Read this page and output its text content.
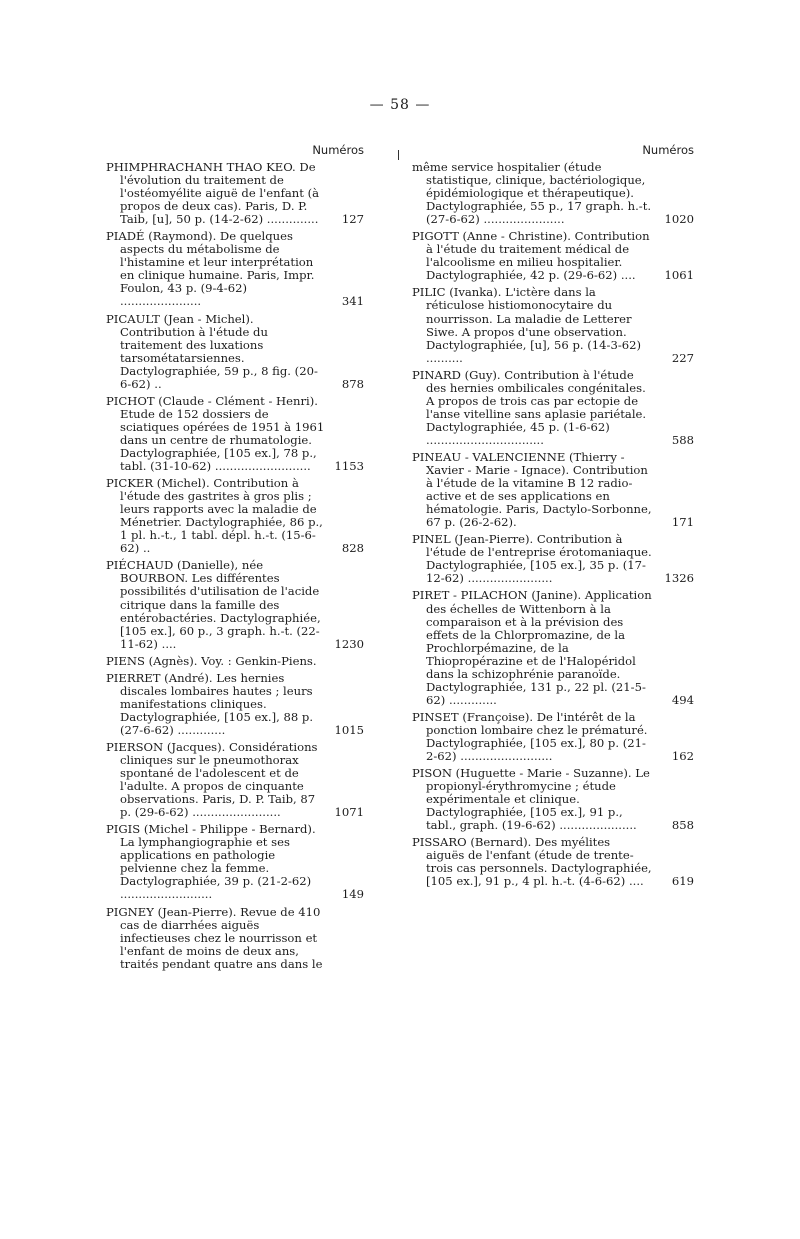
— 58 —
Numéros
PHIMPHRACHANH THAO KEO. De l'évolution du traitement de l'ostéomyélite aiguë de l'enfant (à propos de deux cas). Paris, D. P. Taib, [u], 50 p. (14-2-62) .............. 127
PIADÉ (Raymond). De quelques aspects du métabolisme de l'histamine et leur interprétation en clinique humaine. Paris, Impr. Foulon, 43 p. (9-4-62) ......................	341
PICAULT (Jean - Michel). Contribution à l'étude du traitement des luxations tarsométatarsiennes. Dactylographiée, 59 p., 8 fig. (20-6-62) ..	878
PICHOT (Claude - Clément - Henri). Etude de 152 dossiers de sciatiques opérées de 1951 à 1961 dans un centre de rhumatologie. Dactylographiée, [105 ex.], 78 p., tabl. (31-10-62) .......................... 1153
PICKER (Michel). Contribution à l'étude des gastrites à gros plis ; leurs rapports avec la maladie de Ménetrier. Dactylographiée, 86 p., 1 pl. h.-t., 1 tabl. dépl. h.-t. (15-6-62) ..	828
PIÉCHAUD (Danielle), née BOURBON. Les différentes possibilités d'utilisation de l'acide citrique dans la famille des entérobactéries. Dactylographiée, [105 ex.], 60 p., 3 graph. h.-t. (22-11-62) ....	1230
PIENS (Agnès). Voy. : Genkin-Piens.
PIERRET (André). Les hernies discales lombaires hautes ; leurs manifestations cliniques. Dactylographiée, [105 ex.], 88 p. (27-6-62) .............	1015
PIERSON (Jacques). Considérations cliniques sur le pneumothorax spontané de l'adolescent et de l'adulte. A propos de cinquante observations. Paris, D. P. Taib, 87 p. (29-6-62) ........................	1071
PIGIS (Michel - Philippe - Bernard). La lymphangiographie et ses applications en pathologie pelvienne chez la femme. Dactylographiée, 39 p. (21-2-62) .........................	149
PIGNEY (Jean-Pierre). Revue de 410 cas de diarrhées aiguës infectieuses chez le nourrisson et l'enfant de moins de deux ans, traités pendant quatre ans dans le
Numéros
même service hospitalier (étude statistique, clinique, bactériologique, épidémiologique et thérapeutique). Dactylographiée, 55 p., 17 graph. h.-t. (27-6-62) ......................	1020
PIGOTT (Anne - Christine). Contribution à l'étude du traitement médical de l'alcoolisme en milieu hospitalier. Dactylographiée, 42 p. (29-6-62) .... 1061
PILIC (Ivanka). L'ictère dans la réticulose histiomonocytaire du nourrisson. La maladie de Letterer Siwe. A propos d'une observation. Dactylographiée, [u], 56 p. (14-3-62) ..........	227
PINARD (Guy). Contribution à l'étude des hernies ombilicales congénitales. A propos de trois cas par ectopie de l'anse vitelline sans aplasie pariétale. Dactylographiée, 45 p. (1-6-62) ................................	588
PINEAU - VALENCIENNE (Thierry - Xavier - Marie - Ignace). Contribution à l'étude de la vitamine B 12 radio-active et de ses applications en hématologie. Paris, Dactylo-Sorbonne, 67 p. (26-2-62).	171
PINEL (Jean-Pierre). Contribution à l'étude de l'entreprise érotomaniaque. Dactylographiée, [105 ex.], 35 p. (17-12-62) .......................	1326
PIRET - PILACHON (Janine). Application des échelles de Wittenborn à la comparaison et à la prévision des effets de la Chlorpromazine, de la Prochlorpémazine, de la Thiopropérazine et de l'Halopéridol dans la schizophrénie paranoïde. Dactylographiée, 131 p., 22 pl. (21-5-62) .............	494
PINSET (Françoise). De l'intérêt de la ponction lombaire chez le prématuré. Dactylographiée, [105 ex.], 80 p. (21-2-62) .........................	162
PISON (Huguette - Marie - Suzanne). Le propionyl-érythromycine ; étude expérimentale et clinique. Dactylographiée, [105 ex.], 91 p., tabl., graph. (19-6-62) .....................	858
PISSARO (Bernard). Des myélites aiguës de l'enfant (étude de trente-trois cas personnels. Dactylographiée, [105 ex.], 91 p., 4 pl. h.-t. (4-6-62) .... 619
